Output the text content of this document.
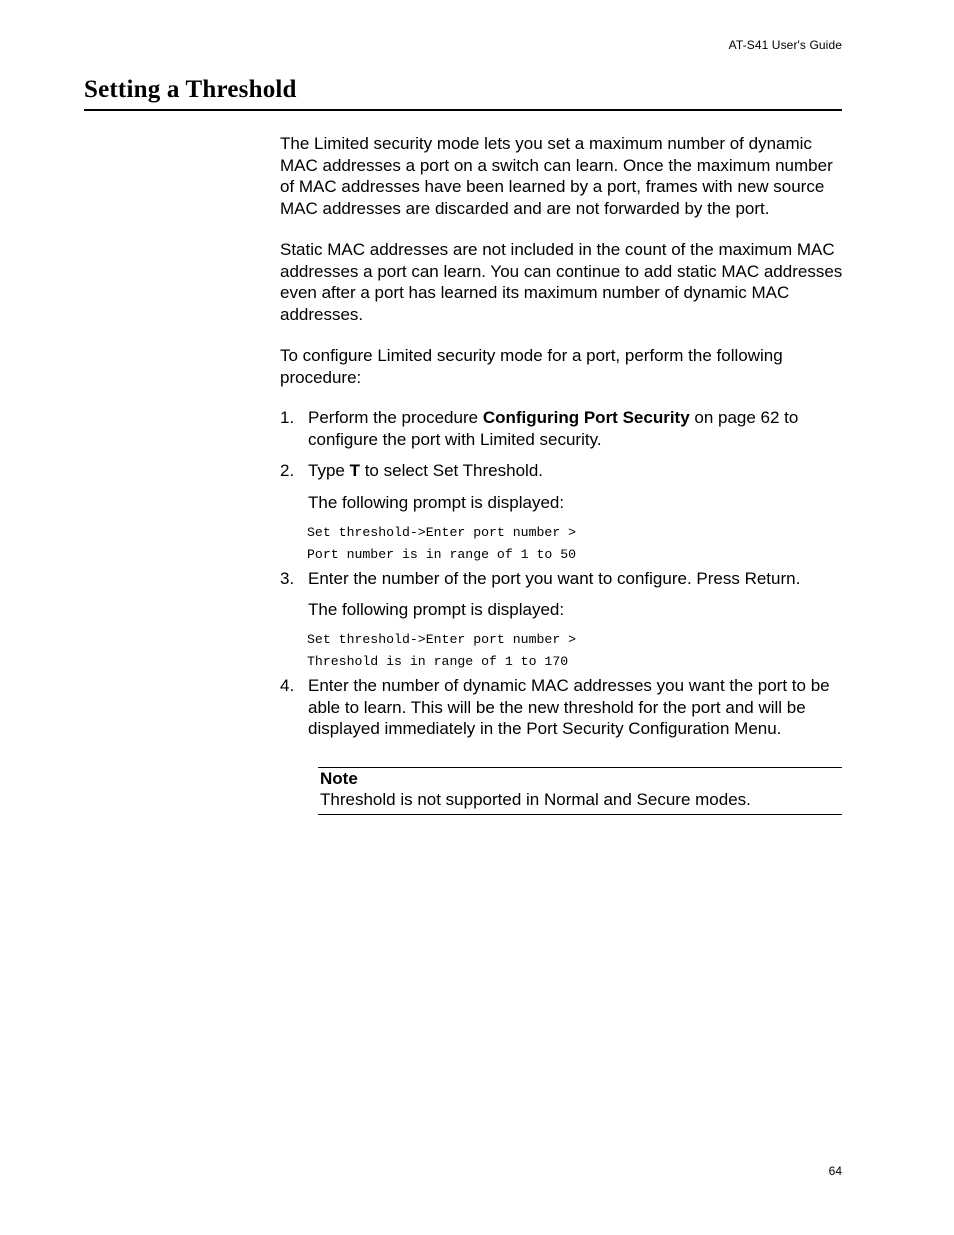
AT-S41 User's Guide
Setting a Threshold

The Limited security mode lets you set a maximum number of dynamic MAC addresses a port on a switch can learn. Once the maximum number of MAC addresses have been learned by a port, frames with new source MAC addresses are discarded and are not forwarded by the port.

Static MAC addresses are not included in the count of the maximum MAC addresses a port can learn. You can continue to add static MAC addresses even after a port has learned its maximum number of dynamic MAC addresses.

To configure Limited security mode for a port, perform the following procedure:

1. Perform the procedure Configuring Port Security on page 62 to configure the port with Limited security.
2. Type T to select Set Threshold.
The following prompt is displayed:
Set threshold->Enter port number >
Port number is in range of 1 to 50
3. Enter the number of the port you want to configure. Press Return.
The following prompt is displayed:
Set threshold->Enter port number >
Threshold is in range of 1 to 170
4. Enter the number of dynamic MAC addresses you want the port to be able to learn. This will be the new threshold for the port and will be displayed immediately in the Port Security Configuration Menu.
Note
Threshold is not supported in Normal and Secure modes.
64
